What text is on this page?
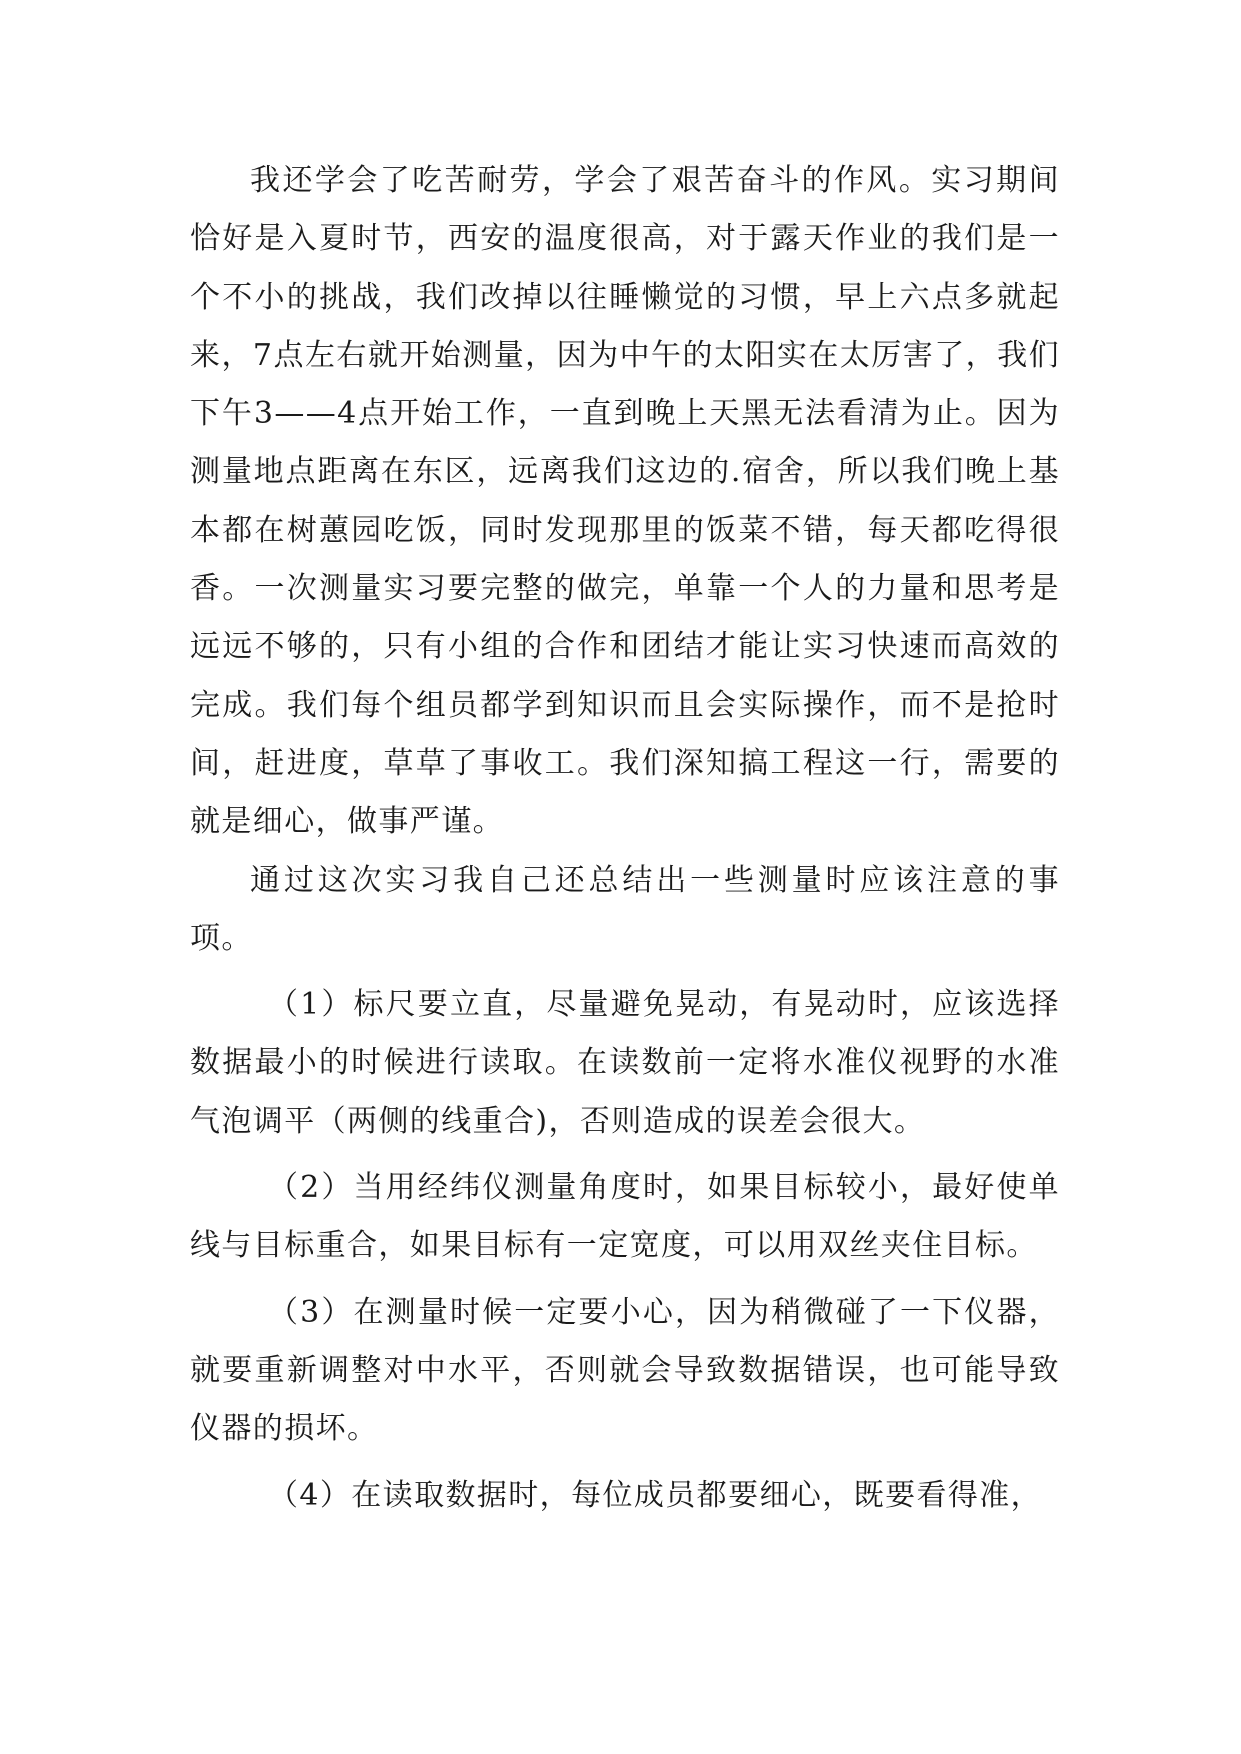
我还学会了吃苦耐劳，学会了艰苦奋斗的作风。实习期间恰好是入夏时节，西安的温度很高，对于露天作业的我们是一个不小的挑战，我们改掉以往睡懒觉的习惯，早上六点多就起来，7点左右就开始测量，因为中午的太阳实在太厉害了，我们下午3——4点开始工作，一直到晚上天黑无法看清为止。因为测量地点距离在东区，远离我们这边的.宿舍，所以我们晚上基本都在树蕙园吃饭，同时发现那里的饭菜不错，每天都吃得很香。一次测量实习要完整的做完，单靠一个人的力量和思考是远远不够的，只有小组的合作和团结才能让实习快速而高效的完成。我们每个组员都学到知识而且会实际操作，而不是抢时间，赶进度，草草了事收工。我们深知搞工程这一行，需要的就是细心，做事严谨。

通过这次实习我自己还总结出一些测量时应该注意的事项。

（1）标尺要立直，尽量避免晃动，有晃动时，应该选择数据最小的时候进行读取。在读数前一定将水准仪视野的水准气泡调平（两侧的线重合)，否则造成的误差会很大。

（2）当用经纬仪测量角度时，如果目标较小，最好使单线与目标重合，如果目标有一定宽度，可以用双丝夹住目标。

（3）在测量时候一定要小心，因为稍微碰了一下仪器，就要重新调整对中水平，否则就会导致数据错误，也可能导致仪器的损坏。

（4）在读取数据时，每位成员都要细心，既要看得准，
